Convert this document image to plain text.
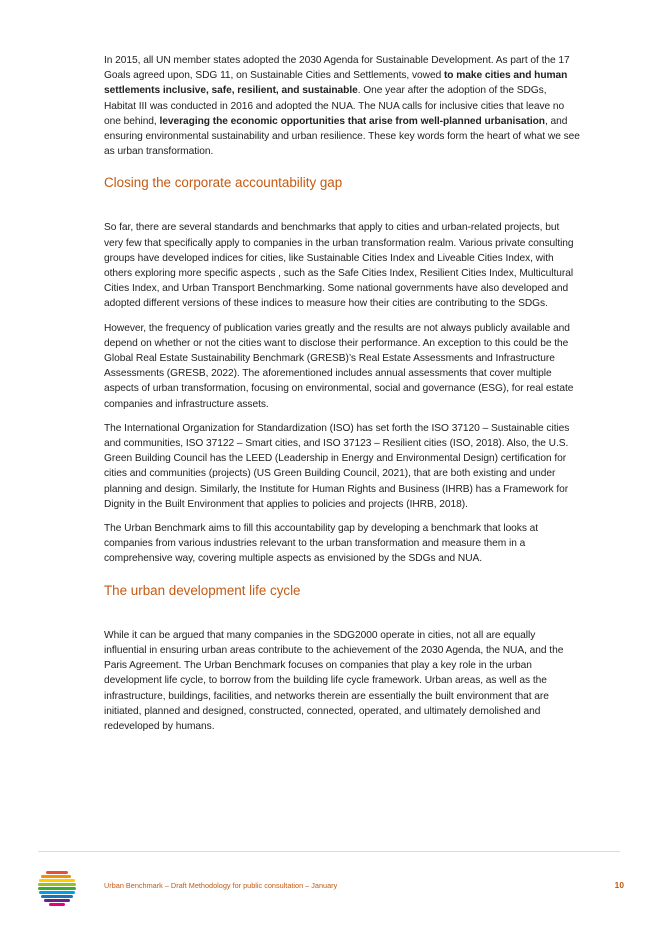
In 2015, all UN member states adopted the 2030 Agenda for Sustainable Development. As part of the 17 Goals agreed upon, SDG 11, on Sustainable Cities and Settlements, vowed to make cities and human settlements inclusive, safe, resilient, and sustainable. One year after the adoption of the SDGs, Habitat III was conducted in 2016 and adopted the NUA. The NUA calls for inclusive cities that leave no one behind, leveraging the economic opportunities that arise from well-planned urbanisation, and ensuring environmental sustainability and urban resilience. These key words form the heart of what we see as urban transformation.

Closing the corporate accountability gap

So far, there are several standards and benchmarks that apply to cities and urban-related projects, but very few that specifically apply to companies in the urban transformation realm. Various private consulting groups have developed indices for cities, like Sustainable Cities Index and Liveable Cities Index, with others exploring more specific aspects , such as the Safe Cities Index, Resilient Cities Index, Multicultural Cities Index, and Urban Transport Benchmarking. Some national governments have also developed and adopted different versions of these indices to measure how their cities are contributing to the SDGs.

However, the frequency of publication varies greatly and the results are not always publicly available and depend on whether or not the cities want to disclose their performance. An exception to this could be the Global Real Estate Sustainability Benchmark (GRESB)’s Real Estate Assessments and Infrastructure Assessments (GRESB, 2022). The aforementioned includes annual assessments that cover multiple aspects of urban transformation, focusing on environmental, social and governance (ESG), for real estate companies and infrastructure assets.

The International Organization for Standardization (ISO) has set forth the ISO 37120 – Sustainable cities and communities, ISO 37122 – Smart cities, and ISO 37123 – Resilient cities (ISO, 2018). Also, the U.S. Green Building Council has the LEED (Leadership in Energy and Environmental Design) certification for cities and communities (projects) (US Green Building Council, 2021), that are both existing and under planning and design. Similarly, the Institute for Human Rights and Business (IHRB) has a Framework for Dignity in the Built Environment that applies to policies and projects (IHRB, 2018).

The Urban Benchmark aims to fill this accountability gap by developing a benchmark that looks at companies from various industries relevant to the urban transformation and measure them in a comprehensive way, covering multiple aspects as envisioned by the SDGs and NUA.

The urban development life cycle

While it can be argued that many companies in the SDG2000 operate in cities, not all are equally influential in ensuring urban areas contribute to the achievement of the 2030 Agenda, the NUA, and the Paris Agreement. The Urban Benchmark focuses on companies that play a key role in the urban development life cycle, to borrow from the building life cycle framework. Urban areas, as well as the infrastructure, buildings, facilities, and networks therein are essentially the built environment that are initiated, planned and designed, constructed, connected, operated, and ultimately demolished and redeveloped by humans.

Urban Benchmark – Draft Methodology for public consultation – January	10
